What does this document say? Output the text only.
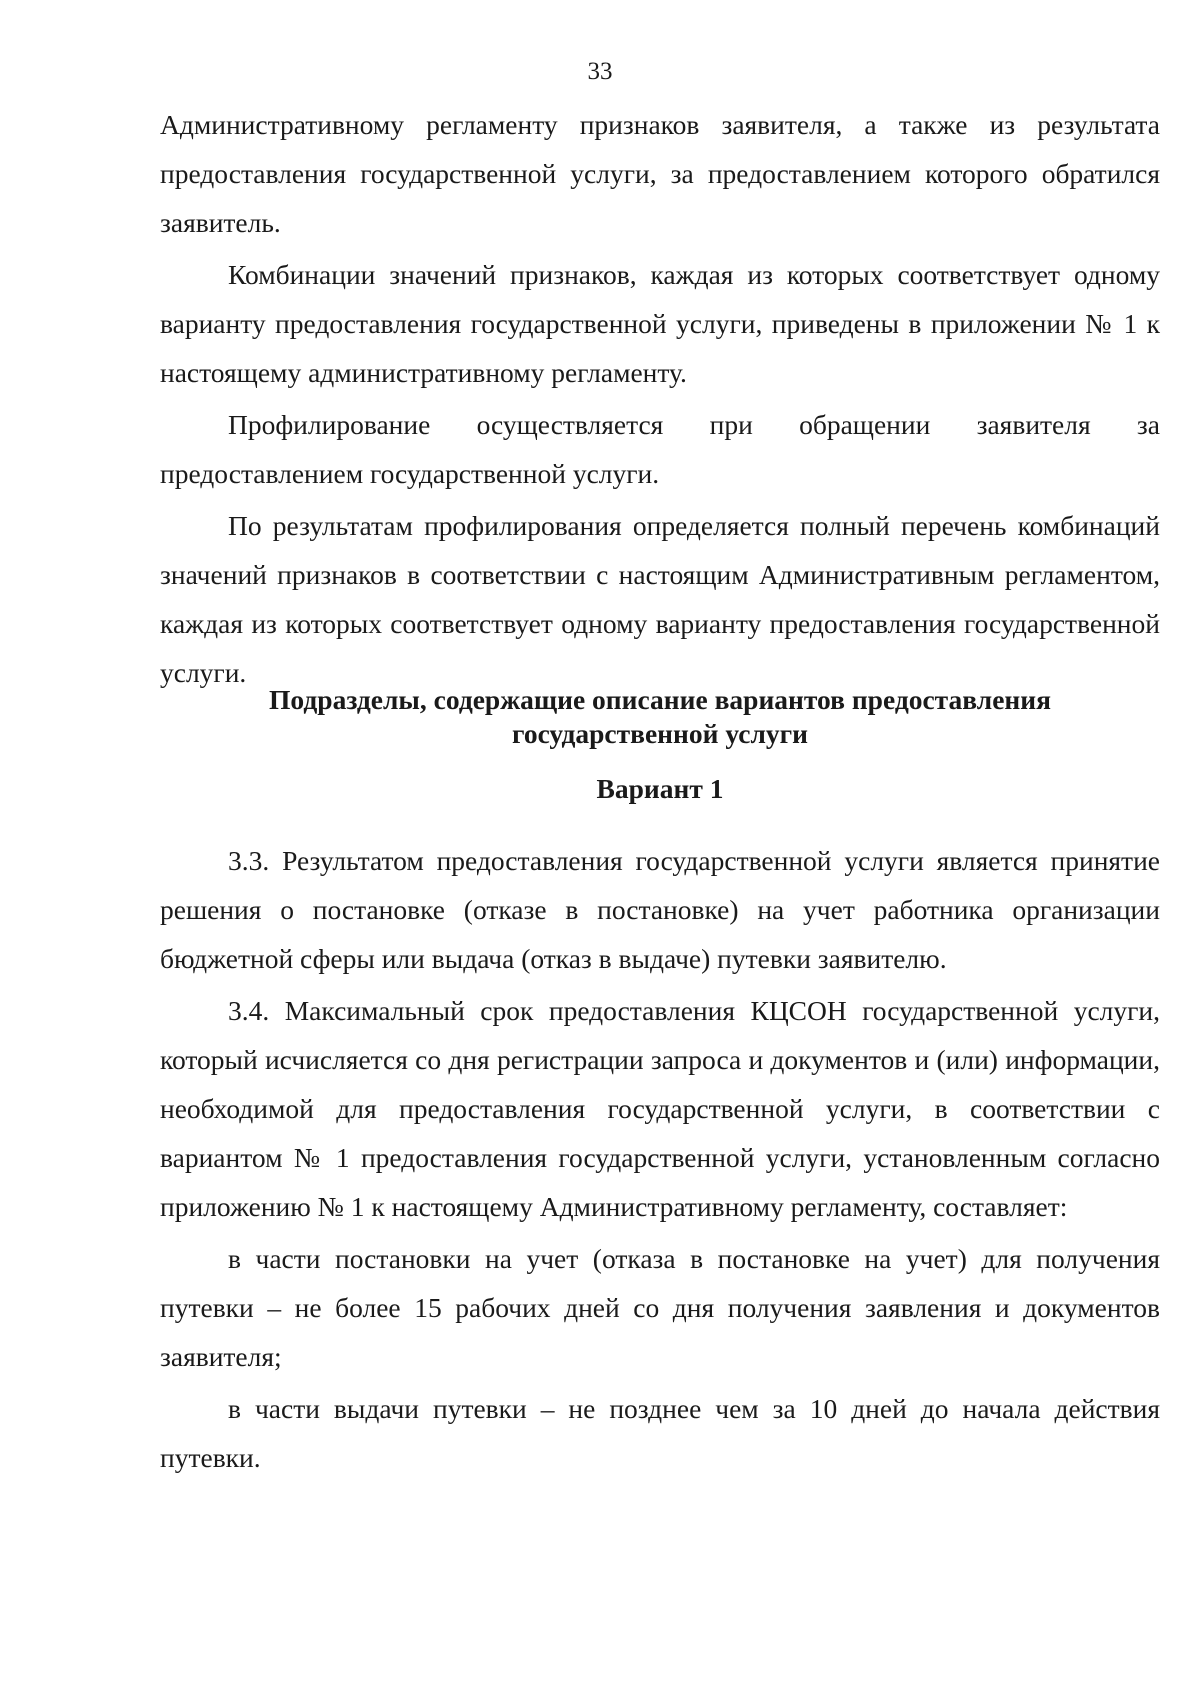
33

Административному регламенту признаков заявителя, а также из результата предоставления государственной услуги, за предоставлением которого обратился заявитель.

Комбинации значений признаков, каждая из которых соответствует одному варианту предоставления государственной услуги, приведены в приложении № 1 к настоящему административному регламенту.

Профилирование осуществляется при обращении заявителя за предоставлением государственной услуги.

По результатам профилирования определяется полный перечень комбинаций значений признаков в соответствии с настоящим Административным регламентом, каждая из которых соответствует одному варианту предоставления государственной услуги.

Подразделы, содержащие описание вариантов предоставления
государственной услуги
Вариант 1

3.3. Результатом предоставления государственной услуги является принятие решения о постановке (отказе в постановке) на учет работника организации бюджетной сферы или выдача (отказ в выдаче) путевки заявителю.

3.4. Максимальный срок предоставления КЦСОН государственной услуги, который исчисляется со дня регистрации запроса и документов и (или) информации, необходимой для предоставления государственной услуги, в соответствии с вариантом № 1 предоставления государственной услуги, установленным согласно приложению № 1 к настоящему Административному регламенту, составляет:

в части постановки на учет (отказа в постановке на учет) для получения путевки – не более 15 рабочих дней со дня получения заявления и документов заявителя;

в части выдачи путевки – не позднее чем за 10 дней до начала действия путевки.
